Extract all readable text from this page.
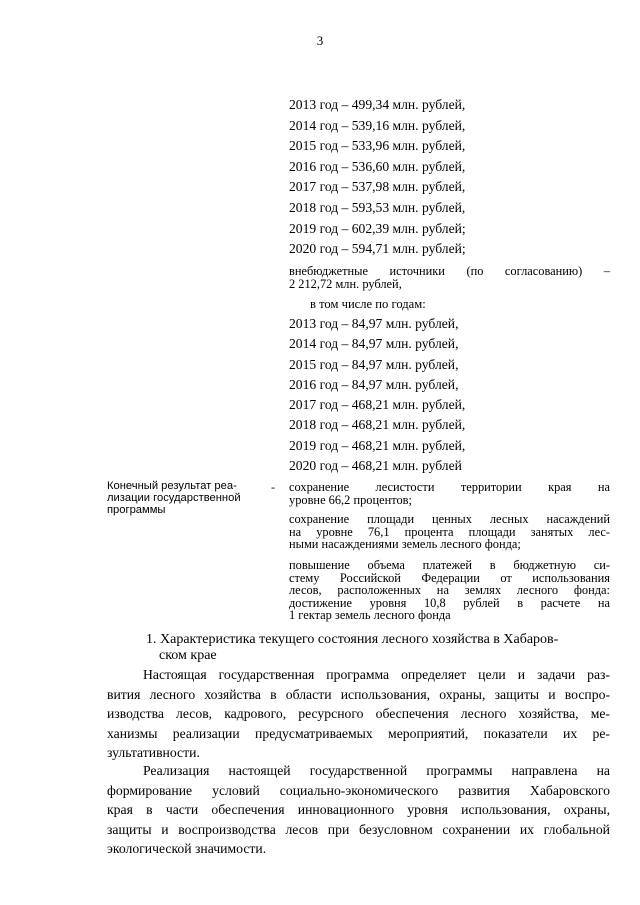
3
2013 год – 499,34 млн. рублей,
2014 год – 539,16 млн. рублей,
2015 год – 533,96 млн. рублей,
2016 год – 536,60 млн. рублей,
2017 год – 537,98 млн. рублей,
2018 год – 593,53 млн. рублей,
2019 год – 602,39 млн. рублей;
2020 год – 594,71 млн. рублей;
внебюджетные источники (по согласованию) –
2 212,72 млн. рублей,
в том числе по годам:
2013 год – 84,97 млн. рублей,
2014 год – 84,97 млн. рублей,
2015 год – 84,97 млн. рублей,
2016 год – 84,97 млн. рублей,
2017 год – 468,21 млн. рублей,
2018 год – 468,21 млн. рублей,
2019 год – 468,21 млн. рублей,
2020 год – 468,21 млн. рублей
Конечный результат реа-
лизации государственной
программы
- сохранение лесистости территории края на
уровне 66,2 процентов;
сохранение площади ценных лесных насаждений
на уровне 76,1 процента площади занятых лес-
ными насаждениями земель лесного фонда;
повышение объема платежей в бюджетную си-
стему Российской Федерации от использования
лесов, расположенных на землях лесного фонда:
достижение уровня 10,8 рублей в расчете на
1 гектар земель лесного фонда
1. Характеристика текущего состояния лесного хозяйства в Хабаров-
ском крае
Настоящая государственная программа определяет цели и задачи раз-
вития лесного хозяйства в области использования, охраны, защиты и воспро-
изводства лесов, кадрового, ресурсного обеспечения лесного хозяйства, ме-
ханизмы реализации предусматриваемых мероприятий, показатели их ре-
зультативности.
Реализация настоящей государственной программы направлена на
формирование условий социально-экономического развития Хабаровского
края в части обеспечения инновационного уровня использования, охраны,
защиты и воспроизводства лесов при безусловном сохранении их глобальной
экологической значимости.
